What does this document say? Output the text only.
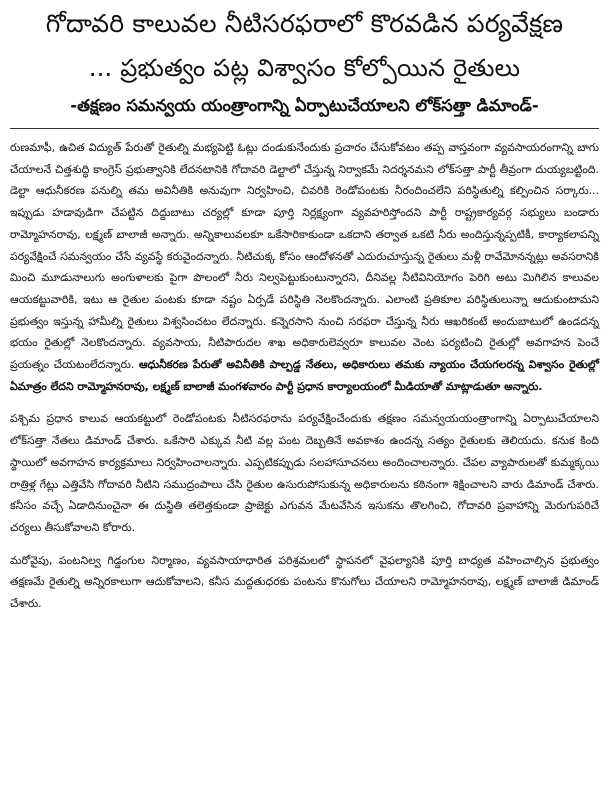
గోదావరి కాలువల నీటిసరఫరాలో కొరవడిన పర్యవేక్షణ
... ప్రభుత్వం పట్ల విశ్వాసం కోల్పోయిన రైతులు
-తక్షణం సమన్వయ యంత్రాంగాన్ని ఏర్పాటుచేయాలని లోక్‌సత్తా డిమాండ్-

రుణమాఫీ, ఉచిత విద్యుత్ పేరుతో రైతుల్ని మభ్యపెట్టి ఓట్లు దండుకునేందుకు ప్రచారం చేసుకోవటం తప్ప వాస్తవంగా వ్యవసాయరంగాన్ని బాగు చేయాలనే చిత్తశుద్ధి కాంగ్రెస్ ప్రభుత్వానికి లేదనటానికి గోదావరి డెల్టాలో చేస్తున్న నిర్వాకమే నిదర్శనమని లోక్‌సత్తా పార్టీ తీవ్రంగా దుయ్యబట్టింది. డెల్టా ఆధునీకరణ పనుల్ని తమ అవినీతికి అనువుగా నిర్వహించి, చివరికి రెండోపంటకు నీరందించలేని పరిస్థితుల్ని కల్పించిన సర్కారు... ఇప్పుడు హడావుడిగా చేపట్టిన దిద్దుబాటు చర్యల్లో కూడా పూర్తి నిర్లక్ష్యంగా వ్యవహరిస్తోందని పార్టీ రాష్ట్రకార్యవర్గ సభ్యులు బండారు రామ్మోహనరావు, లక్ష్మణ్ బాలాజీ అన్నారు. అన్నికాలువలకూ ఒకేసారికాకుండా ఒకదాని తర్వాత ఒకటి నీరు అందిస్తున్నప్పటికీ, కార్యాకలాపన్ని పర్యవేక్షించే సమన్వయం చేసే వ్యవస్థే కరువైందన్నారు. నీటిచుక్క కోసం ఆందోళనతో ఎదురుచూస్తున్న రైతులు మళ్లీ రావేమోనన్నట్లు అవసరానికి మించి మూడునాలుగు అంగుళాలకు పైగా పొలంలో నీరు నిల్వపెట్టుకుంటున్నారని, దీనివల్ల నీటివినియోగం పెరిగి అటు మిగిలిన కాలువల ఆయకట్టువారికి, ఇటు ఆ రైతుల పంటకు కూడా నష్టం ఏర్పడే పరిస్థితి నెలకొందన్నారు. ఎలాంటి ప్రతికూల పరిస్థితులున్నా ఆదుకుంటామని ప్రభుత్వం ఇస్తున్న హామీల్ని రైతులు విశ్వసించటం లేదన్నారు. కన్నెరసాని నుంచి సరఫరా చేస్తున్న నీరు ఆఖరికంటే అందుబాటులో ఉండదన్న భయం రైతుల్లో నెలకొందన్నారు. వ్యవసాయ, నీటిపారుదల శాఖ అధికారులెవ్వరూ కాలువల వెంట పర్యటించి రైతుల్లో అవగాహన పెంచే ప్రయత్నం చేయటంలేదన్నారు. ఆధునీకరణ పేరుతో అవినీతికి పాల్పడ్డ నేతలు, అధికారులు తమకు న్యాయం చేయగలరన్న విశ్వాసం రైతుల్లో ఏమాత్రం లేదని రామ్మోహనరావు, లక్ష్మణ్ బాలాజీ మంగళవారం పార్టీ ప్రధాన కార్యాలయంలో మీడియాతో మాట్లాడుతూ అన్నారు.

పశ్చిమ ప్రధాన కాలువ ఆయకట్టులో రెండోపంటకు నీటిసరఫరాను పర్యవేక్షించేందుకు తక్షణం సమన్వయయంత్రాంగాన్ని ఏర్పాటుచేయాలని లోక్‌సత్తా నేతలు డిమాండ్ చేశారు. ఒకేసారి ఎక్కువ నీటి వల్ల పంట దెబ్బతినే అవకాశం ఉందన్న సత్యం రైతులకు తెలియదు. కనుక కింది స్థాయిలో అవగాహన కార్యక్రమాలు నిర్వహించాలన్నారు. ఎప్పటికప్పుడు సలహాసూచనలు అందించాలన్నారు. చేపల వ్యాపారులతో కుమ్మక్కయి రాత్రిళ్ల గేట్లు ఎత్తివేసి గోదావరి నీటిని సముద్రంపాలు చేసి రైతుల ఉసురుపోసుకున్న అధికారులను కఠినంగా శిక్షించాలని వారు డిమాండ్ చేశారు. కనీసం వచ్చే ఏడాదినుంచైనా ఈ దుస్థితి తలెత్తకుండా ప్రాజెక్టు ఎగువన మేటవేసిన ఇసుకను తొలగించి, గోదావరి ప్రవాహాన్ని మెరుగుపరిచే చర్యలు తీసుకోవాలని కోరారు.

మరోవైపు, పంటనిల్వ గిడ్డంగుల నిర్మాణం, వ్యవసాయాధారిత పరిశ్రమలలో స్థాపనలో వైఫల్యానికి పూర్తి బాధ్యత వహించాల్సిన ప్రభుత్వం తక్షణమే రైతుల్ని అన్నిరకాలుగా ఆదుకోవాలని, కనీస మద్దతుధరకు పంటను కొనుగోలు చేయాలని రామ్మోహనరావు, లక్ష్మణ్ బాలాజీ డిమాండ్ చేశారు.
